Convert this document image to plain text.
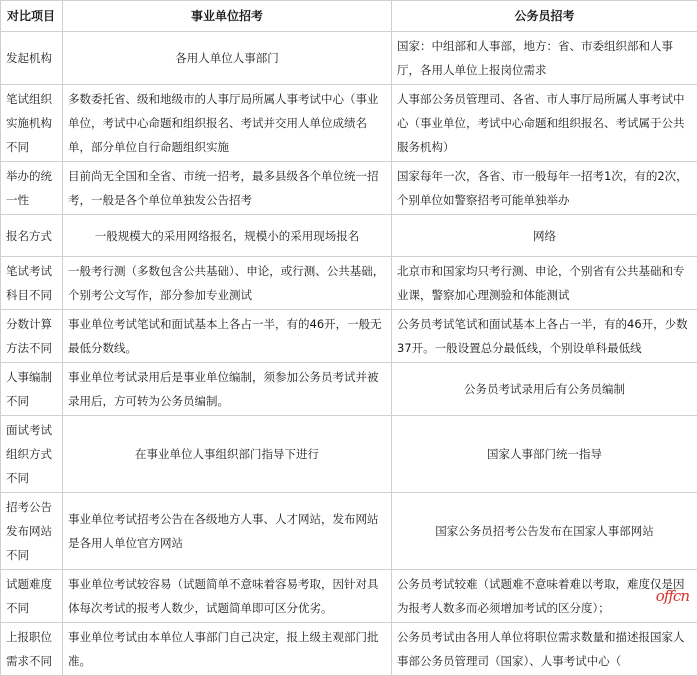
对比项目	事业单位招考	公务员招考
发起机构	各用人单位人事部门	国家：中组部和人事部，地方：省、市委组织部和人事厅，各用人单位上报岗位需求
笔试组织实施机构不同	多数委托省、级和地级市的人事厅局所属人事考试中心（事业单位，考试中心命题和组织报名、考试并交用人单位成绩名单，部分单位自行命题组织实施	人事部公务员管理司、各省、市人事厅局所属人事考试中心（事业单位，考试中心命题和组织报名、考试属于公共服务机构）
举办的统一性	目前尚无全国和全省、市统一招考，最多县级各个单位统一招考，一般是各个单位单独发公告招考	国家每年一次，各省、市一般每年一招考1次，有的2次，个别单位如警察招考可能单独举办
报名方式	一般规模大的采用网络报名，规模小的采用现场报名	网络
笔试考试科目不同	一般考行测（多数包含公共基础）、申论，或行测、公共基础，个别考公文写作，部分参加专业测试	北京市和国家均只考行测、申论，个别省有公共基础和专业课，警察加心理测验和体能测试
分数计算方法不同	事业单位考试笔试和面试基本上各占一半，有的46开，一般无最低分数线。	公务员考试笔试和面试基本上各占一半，有的46开，少数37开。一般设置总分最低线，个别设单科最低线
人事编制不同	事业单位考试录用后是事业单位编制，须参加公务员考试并被录用后，方可转为公务员编制。	公务员考试录用后有公务员编制
面试考试组织方式不同	在事业单位人事组织部门指导下进行	国家人事部门统一指导
招考公告发布网站不同	事业单位考试招考公告在各级地方人事、人才网站，发布网站是各用人单位官方网站	国家公务员招考公告发布在国家人事部网站
试题难度不同	事业单位考试较容易（试题简单不意味着容易考取，因针对具体每次考试的报考人数少，试题简单即可区分优劣。	公务员考试较难（试题难不意味着难以考取，难度仅是因为报考人数多而必须增加考试的区分度）；
上报职位需求不同	事业单位考试由本单位人事部门自己决定，报上级主观部门批准。	公务员考试由各用人单位将职位需求数量和描述报国家人事部公务员管理司（国家）、人事考试中心（
offcn
